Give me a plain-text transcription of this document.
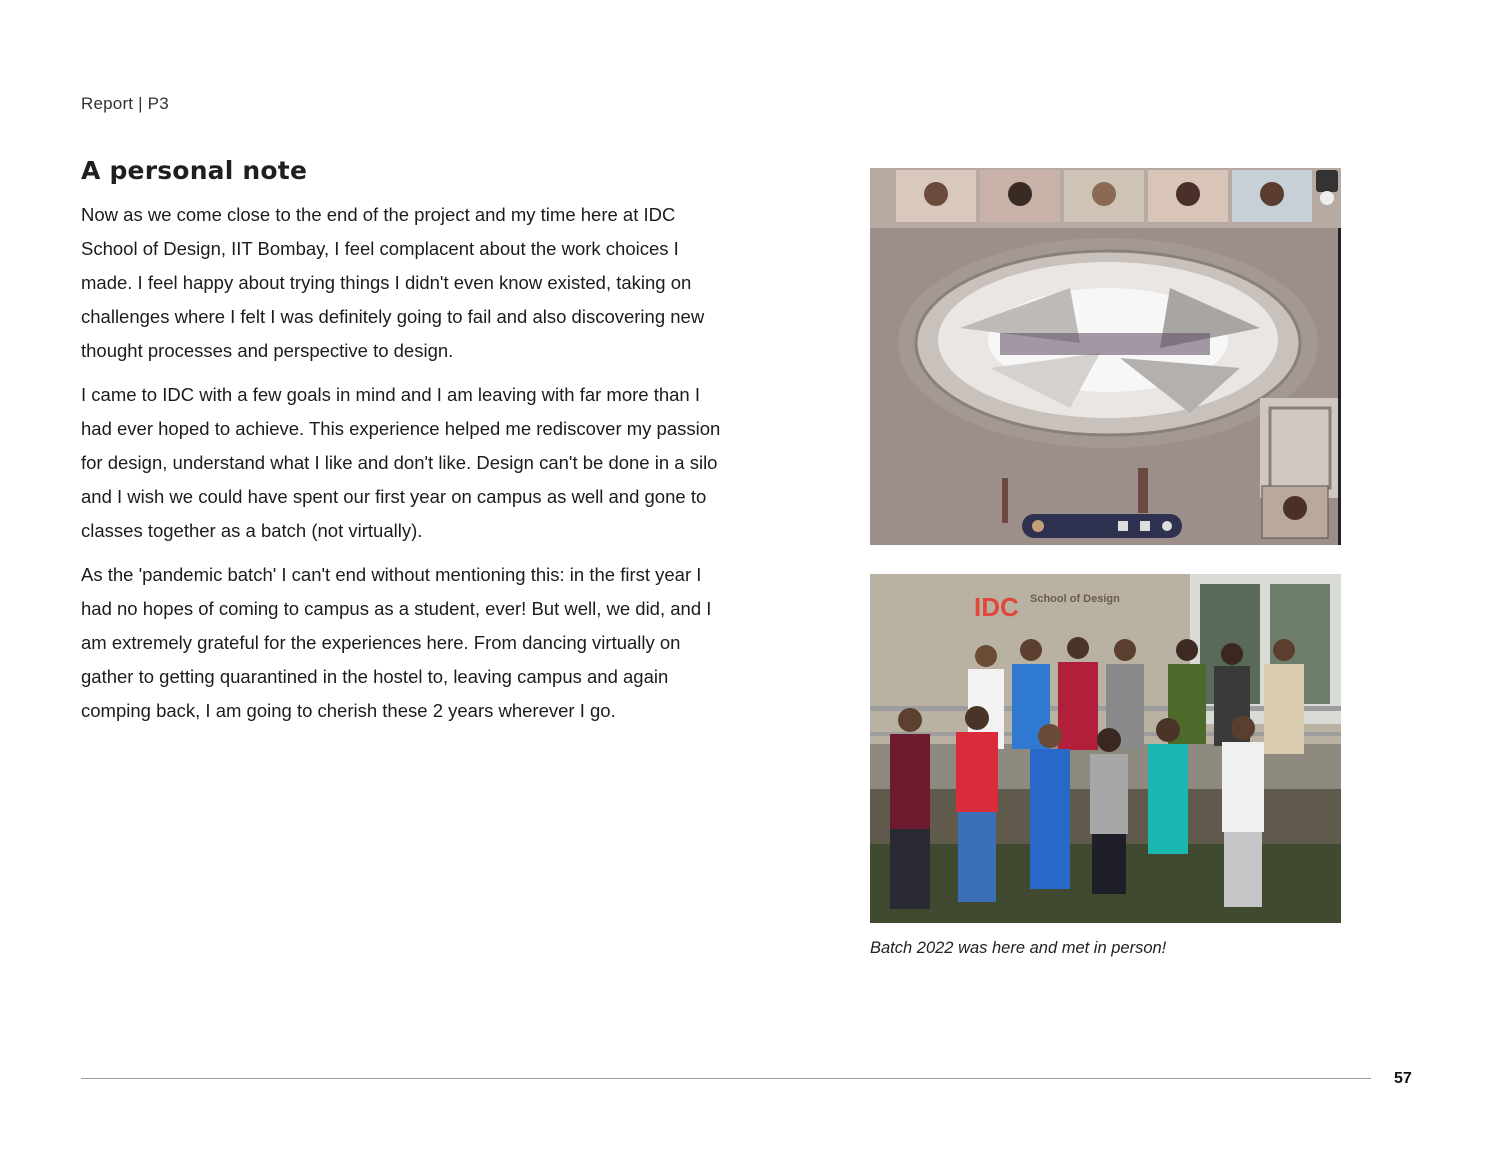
Report | P3
A personal note

Now as we come close to the end of the project and my time here at IDC School of Design, IIT Bombay, I feel complacent about the work choices I made. I feel happy about trying things I didn't even know existed, taking on challenges where I felt I was definitely going to fail and also discovering new thought processes and perspective to design.

I came to IDC with a few goals in mind and I am leaving with far more than I had ever hoped to achieve. This experience helped me rediscover my passion for design, understand what I like and don't like. Design can't be done in a silo and I wish we could have spent our first year on campus as well and gone to classes together as a batch (not virtually).

As the 'pandemic batch' I can't end without mentioning this: in the first year I had no hopes of coming to campus as a student, ever! But well, we did, and I am extremely grateful for the experiences here. From dancing virtually on gather to getting quarantined in the hostel to, leaving campus and again comping back, I am going to cherish these 2 years wherever I go.

IDC School of Design
Batch 2022 was here and met in person!
57
